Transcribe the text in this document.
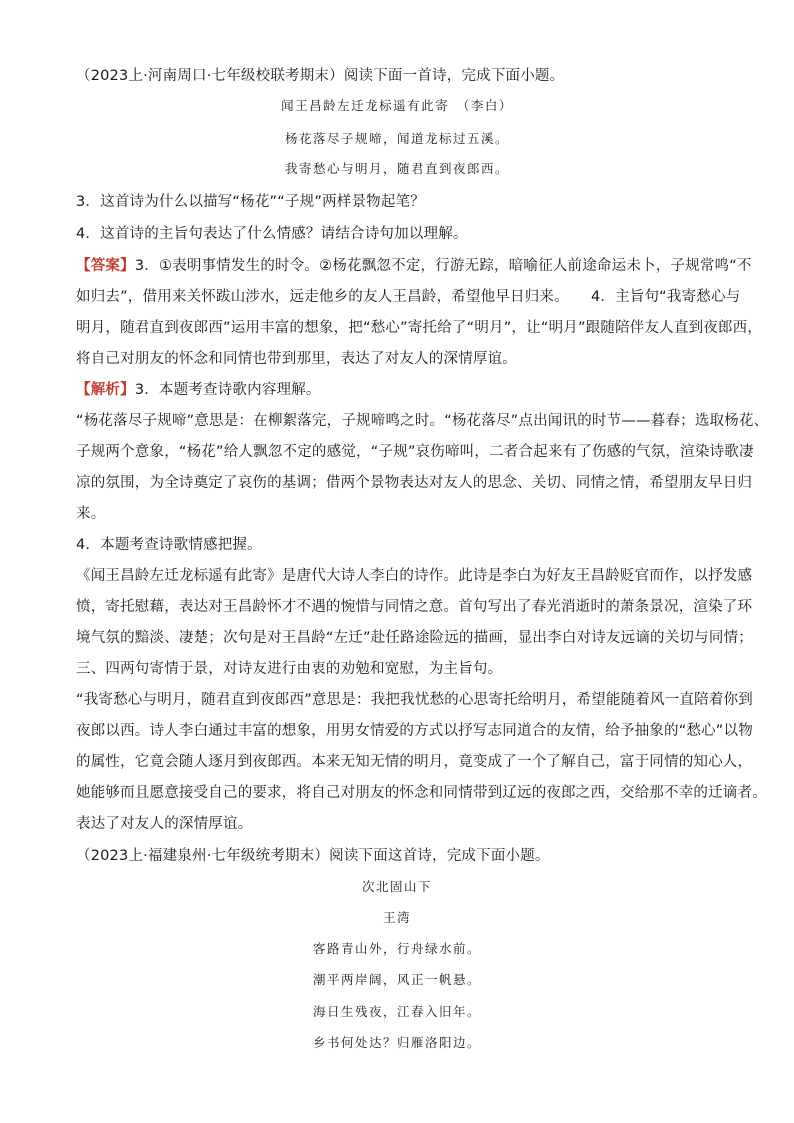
（2023上·河南周口·七年级校联考期末）阅读下面一首诗，完成下面小题。
闻王昌龄左迁龙标遥有此寄　（李白）
杨花落尽子规啼，闻道龙标过五溪。
我寄愁心与明月，随君直到夜郎西。
3．这首诗为什么以描写“杨花”“子规”两样景物起笔？
4．这首诗的主旨句表达了什么情感？请结合诗句加以理解。
【答案】3．①表明事情发生的时令。②杨花飘忽不定，行游无踪，暗喻征人前途命运未卜，子规常鸣“不
如归去”，借用来关怀跋山涉水，远走他乡的友人王昌龄，希望他早日归来。　　4．主旨句“我寄愁心与
明月，随君直到夜郎西”运用丰富的想象，把“愁心”寄托给了“明月”，让“明月”跟随陪伴友人直到夜郎西，
将自己对朋友的怀念和同情也带到那里，表达了对友人的深情厚谊。
【解析】3．本题考查诗歌内容理解。
“杨花落尽子规啼”意思是：在柳絮落完，子规啼鸣之时。“杨花落尽”点出闻讯的时节——暮春；选取杨花、
子规两个意象，“杨花”给人飘忽不定的感觉，“子规”哀伤啼叫，二者合起来有了伤感的气氛，渲染诗歌凄
凉的氛围，为全诗奠定了哀伤的基调；借两个景物表达对友人的思念、关切、同情之情，希望朋友早日归
来。
4．本题考查诗歌情感把握。
《闻王昌龄左迁龙标遥有此寄》是唐代大诗人李白的诗作。此诗是李白为好友王昌龄贬官而作，以抒发感
愤，寄托慰藉，表达对王昌龄怀才不遇的惋惜与同情之意。首句写出了春光消逝时的萧条景况，渲染了环
境气氛的黯淡、凄楚；次句是对王昌龄“左迁”赴任路途险远的描画，显出李白对诗友远谪的关切与同情；
三、四两句寄情于景，对诗友进行由衷的劝勉和宽慰，为主旨句。
“我寄愁心与明月，随君直到夜郎西”意思是：我把我忧愁的心思寄托给明月，希望能随着风一直陪着你到
夜郎以西。诗人李白通过丰富的想象，用男女情爱的方式以抒写志同道合的友情，给予抽象的“愁心”以物
的属性，它竟会随人逐月到夜郎西。本来无知无情的明月，竟变成了一个了解自己，富于同情的知心人，
她能够而且愿意接受自己的要求，将自己对朋友的怀念和同情带到辽远的夜郎之西，交给那不幸的迁谪者。
表达了对友人的深情厚谊。
（2023上·福建泉州·七年级统考期末）阅读下面这首诗，完成下面小题。
次北固山下
王湾
客路青山外，行舟绿水前。
潮平两岸阔，风正一帆悬。
海日生残夜，江春入旧年。
乡书何处达？归雁洛阳边。
